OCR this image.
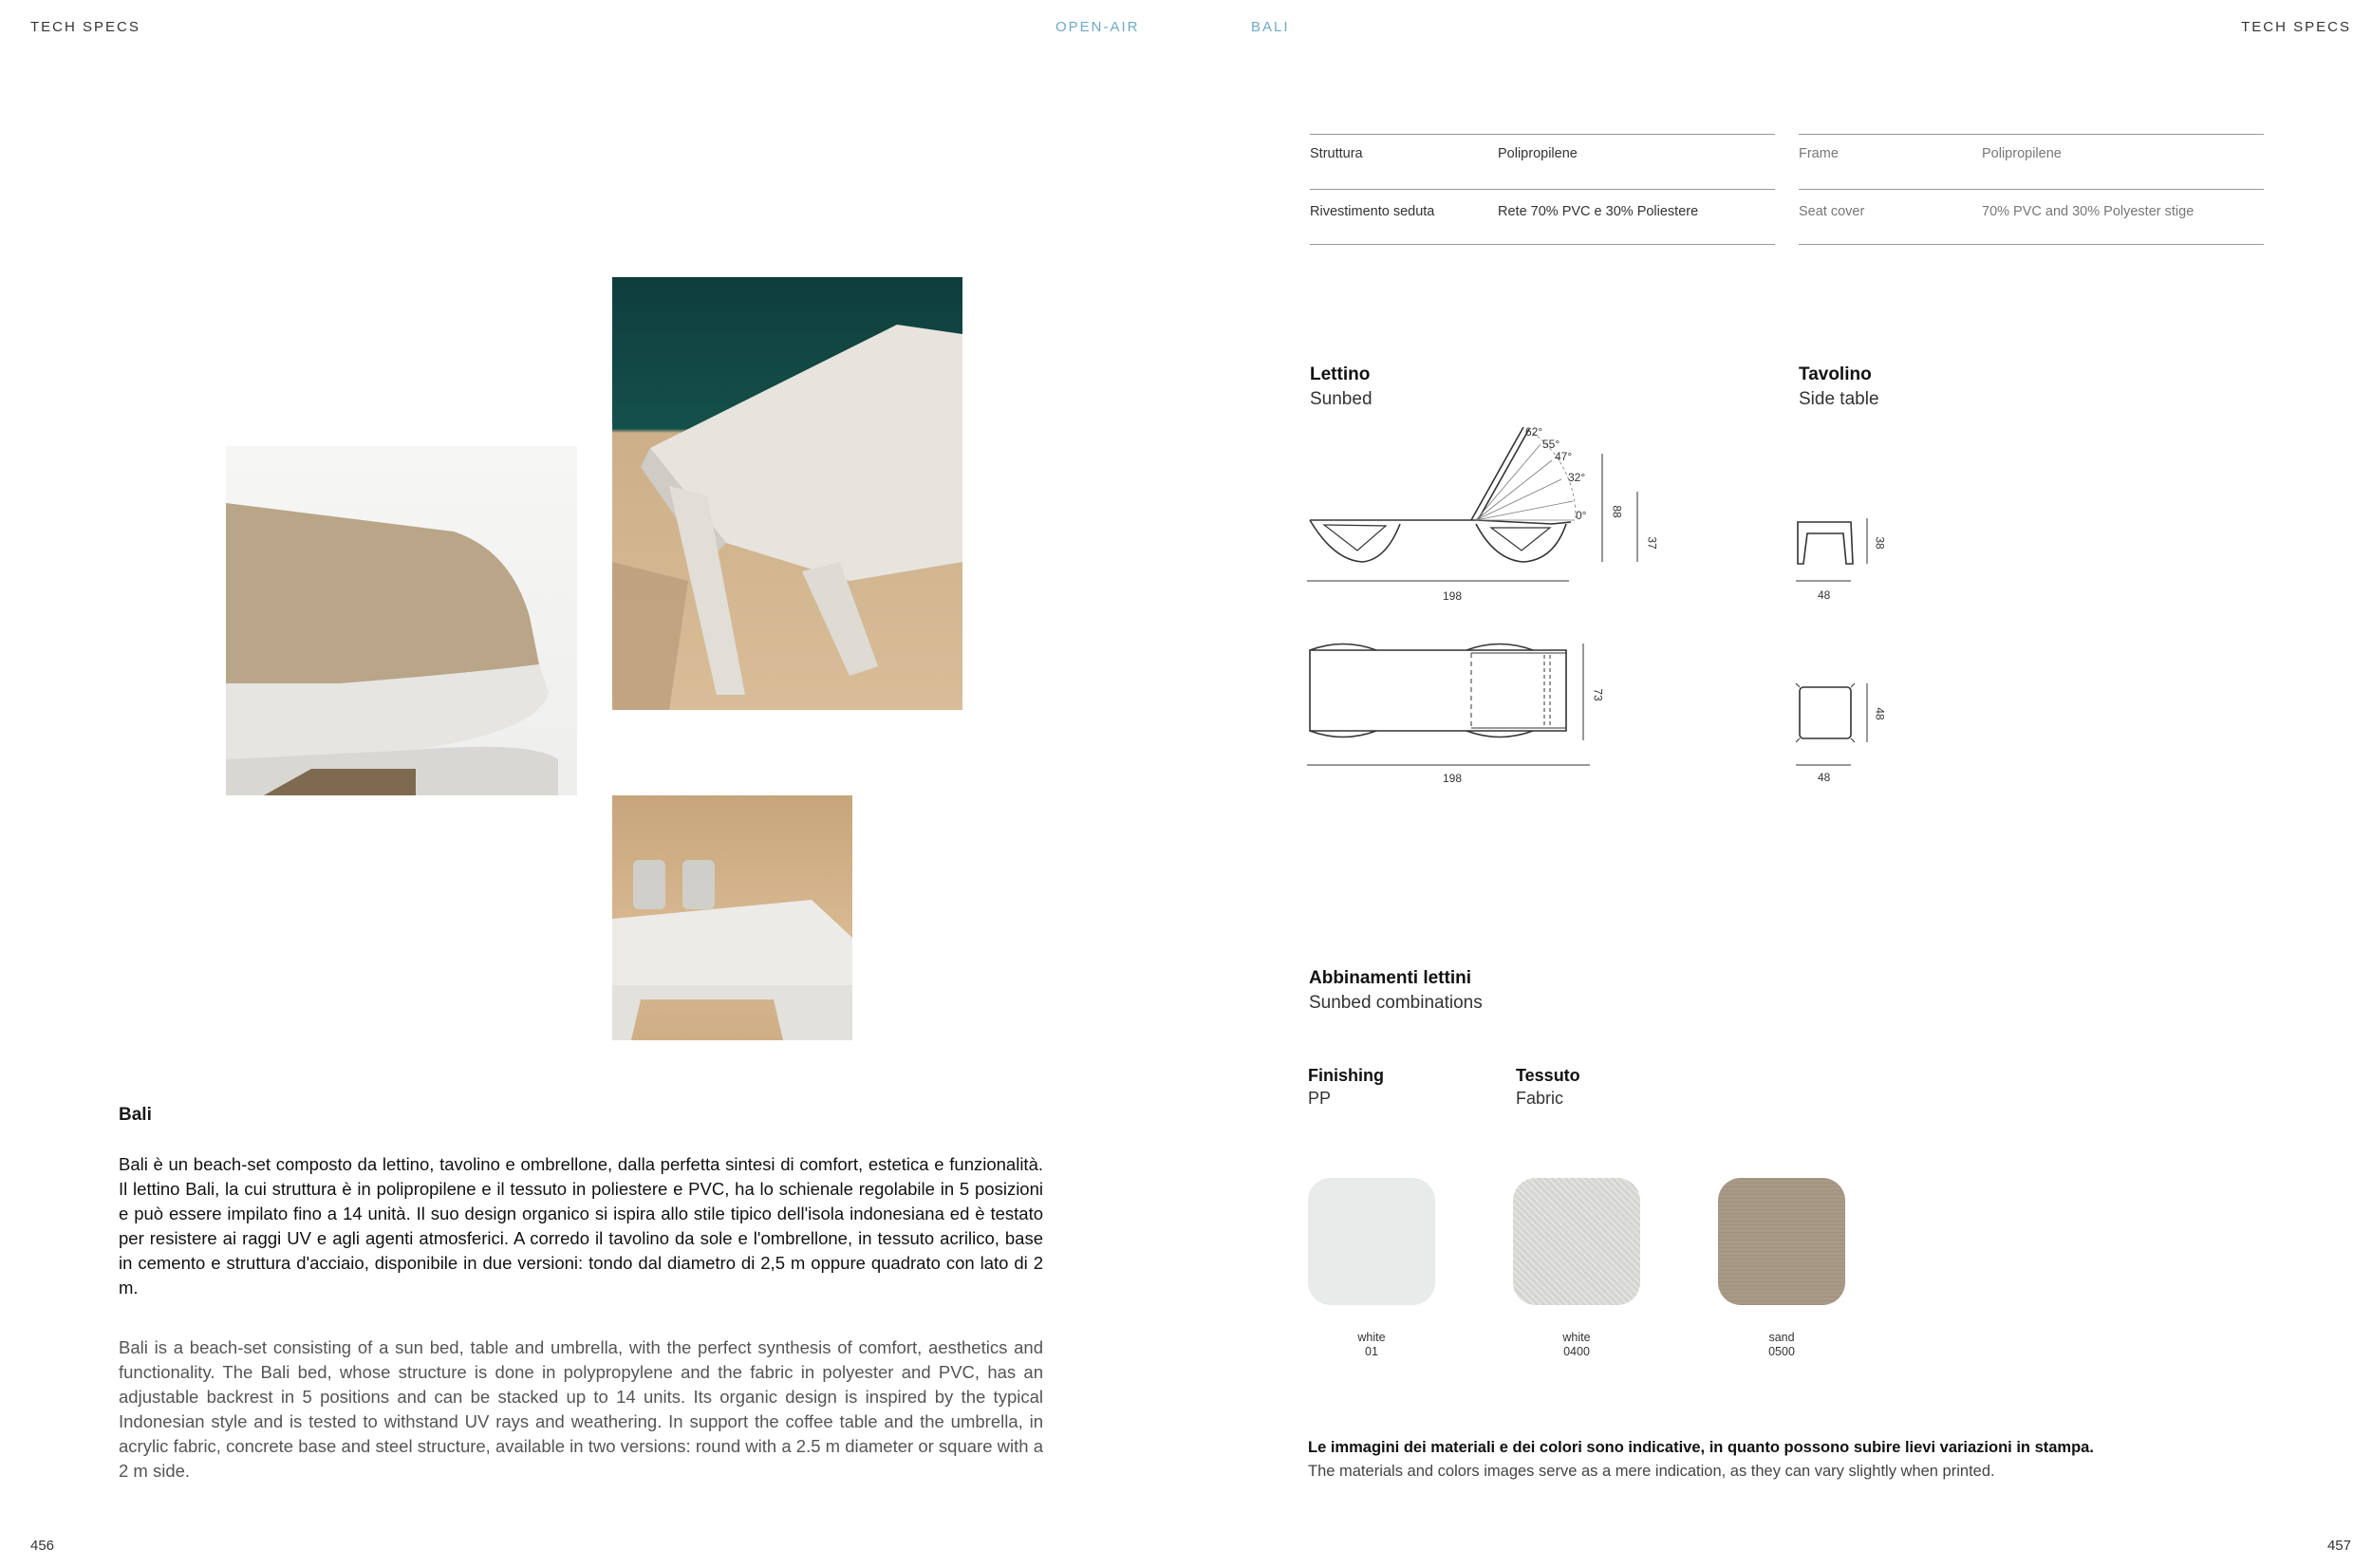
TECH SPECS	OPEN-AIR	BALI	TECH SPECS
Bali
Bali è un beach-set composto da lettino, tavolino e ombrellone, dalla perfetta sintesi di comfort, estetica e funzionalità. Il lettino Bali, la cui struttura è in polipropilene e il tessuto in poliestere e PVC, ha lo schienale regolabile in 5 posizioni e può essere impilato fino a 14 unità. Il suo design organico si ispira allo stile tipico dell'isola indonesiana ed è testato per resistere ai raggi UV e agli agenti atmosferici. A corredo il tavolino da sole e l'ombrellone, in tessuto acrilico, base in cemento e struttura d'acciaio, disponibile in due versioni: tondo dal diametro di 2,5 m oppure quadrato con lato di 2 m.
Bali is a beach-set consisting of a sun bed, table and umbrella, with the perfect synthesis of comfort, aesthetics and functionality. The Bali bed, whose structure is done in polypropylene and the fabric in polyester and PVC, has an adjustable backrest in 5 positions and can be stacked up to 14 units. Its organic design is inspired by the typical Indonesian style and is tested to withstand UV rays and weathering. In support the coffee table and the umbrella, in acrylic fabric, concrete base and steel structure, available in two versions: round with a 2.5 m diameter or square with a 2 m side.
Struttura	Polipropilene
Rivestimento seduta	Rete 70% PVC e 30% Poliestere
Frame	Polipropilene
Seat cover	70% PVC and 30% Polyester stige
Lettino
Sunbed
62°
55°
47°
32°
0° 88
37
198
73
198
Tavolino
Side table
38
48
48
48
Abbinamenti lettini
Sunbed combinations
Finishing
PP
Tessuto
Fabric
white
01
white
0400
sand
0500
Le immagini dei materiali e dei colori sono indicative, in quanto possono subire lievi variazioni in stampa.
The materials and colors images serve as a mere indication, as they can vary slightly when printed.
456	457
